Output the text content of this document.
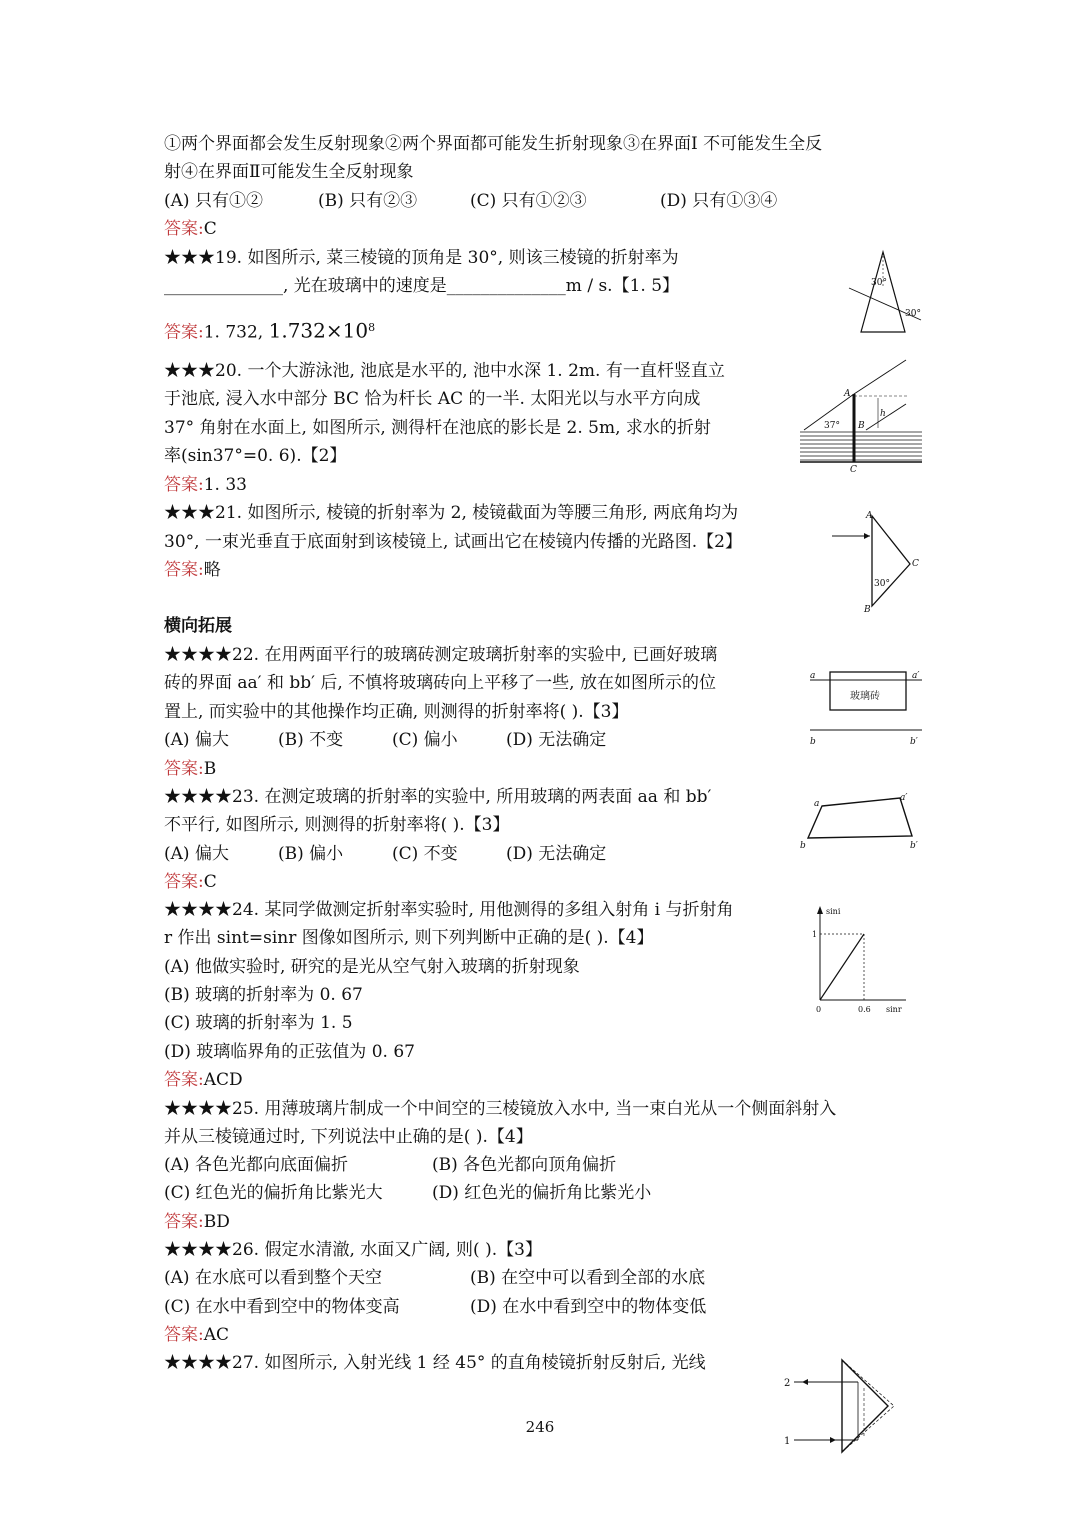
①两个界面都会发生反射现象②两个界面都可能发生折射现象③在界面Ⅰ 不可能发生全反
射④在界面Ⅱ可能发生全反射现象
(A) 只有①②	(B) 只有②③	(C) 只有①②③	(D) 只有①③④
答案:C
★★★19. 如图所示, 菜三棱镜的顶角是 30°, 则该三棱镜的折射率为
______________, 光在玻璃中的速度是______________m / s.【1. 5】
答案:1. 732, $1.732\times 10^8$
30°
30°
★★★20. 一个大游泳池, 池底是水平的, 池中水深 1. 2m. 有一直杆竖直立
于池底, 浸入水中部分 BC 恰为杆长 AC 的一半. 太阳光以与水平方向成
37° 角射在水面上, 如图所示, 测得杆在池底的影长是 2. 5m, 求水的折射
率(sin37°=0. 6).【2】
答案:1. 33
A
B
C
h
37°
★★★21. 如图所示, 棱镜的折射率为 2, 棱镜截面为等腰三角形, 两底角均为
30°, 一束光垂直于底面射到该棱镜上, 试画出它在棱镜内传播的光路图.【2】
答案:略
A
B
C
30°
横向拓展
★★★★22. 在用两面平行的玻璃砖测定玻璃折射率的实验中, 已画好玻璃
砖的界面 aa′ 和 bb′ 后, 不慎将玻璃砖向上平移了一些, 放在如图所示的位
置上, 而实验中的其他操作均正确, 则测得的折射率将( ).【3】
(A) 偏大	(B) 不变	(C) 偏小	(D) 无法确定
答案:B
a	a′
玻璃砖
b	b′
★★★★23. 在测定玻璃的折射率的实验中, 所用玻璃的两表面 aa 和 bb′
不平行, 如图所示, 则测得的折射率将( ).【3】
(A) 偏大	(B) 偏小	(C) 不变	(D) 无法确定
答案:C
a
a′
b	b′
★★★★24. 某同学做测定折射率实验时, 用他测得的多组入射角 i 与折射角
r 作出 sint=sinr 图像如图所示, 则下列判断中正确的是( ).【4】
(A) 他做实验时, 研究的是光从空气射入玻璃的折射现象
(B) 玻璃的折射率为 0. 67
(C) 玻璃的折射率为 1. 5
(D) 玻璃临界角的正弦值为 0. 67
答案:ACD
sini
1
0	0.6 sinr
★★★★25. 用薄玻璃片制成一个中间空的三棱镜放入水中, 当一束白光从一个侧面斜射入
并从三棱镜通过时, 下列说法中止确的是( ).【4】
(A) 各色光都向底面偏折	(B) 各色光都向顶角偏折
(C) 红色光的偏折角比紫光大	(D) 红色光的偏折角比紫光小
答案:BD
★★★★26. 假定水清澈, 水面又广阔, 则( ).【3】
(A) 在水底可以看到整个天空	(B) 在空中可以看到全部的水底
(C) 在水中看到空中的物体变高	(D) 在水中看到空中的物体变低
答案:AC
★★★★27. 如图所示, 入射光线 1 经 45° 的直角棱镜折射反射后, 光线
2
1
246
